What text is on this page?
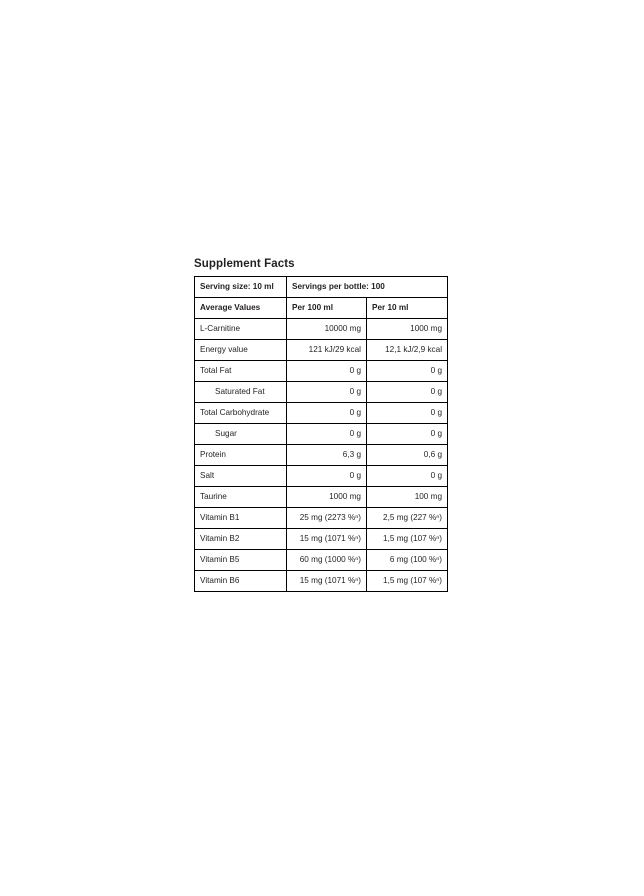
Supplement Facts
Serving size: 10 ml	Servings per bottle: 100	
Average Values	Per 100 ml	Per 10 ml
L-Carnitine	10000 mg	1000 mg
Energy value	121 kJ/29 kcal	12,1 kJ/2,9 kcal
Total Fat	0 g	0 g
Saturated Fat	0 g	0 g
Total Carbohydrate	0 g	0 g
Sugar	0 g	0 g
Protein	6,3 g	0,6 g
Salt	0 g	0 g
Taurine	1000 mg	100 mg
Vitamin B1	25 mg (2273 %ⁿ)	2,5 mg (227 %ⁿ)
Vitamin B2	15 mg (1071 %ⁿ)	1,5 mg (107 %ⁿ)
Vitamin B5	60 mg (1000 %ⁿ)	6 mg (100 %ⁿ)
Vitamin B6	15 mg (1071 %ⁿ)	1,5 mg (107 %ⁿ)
